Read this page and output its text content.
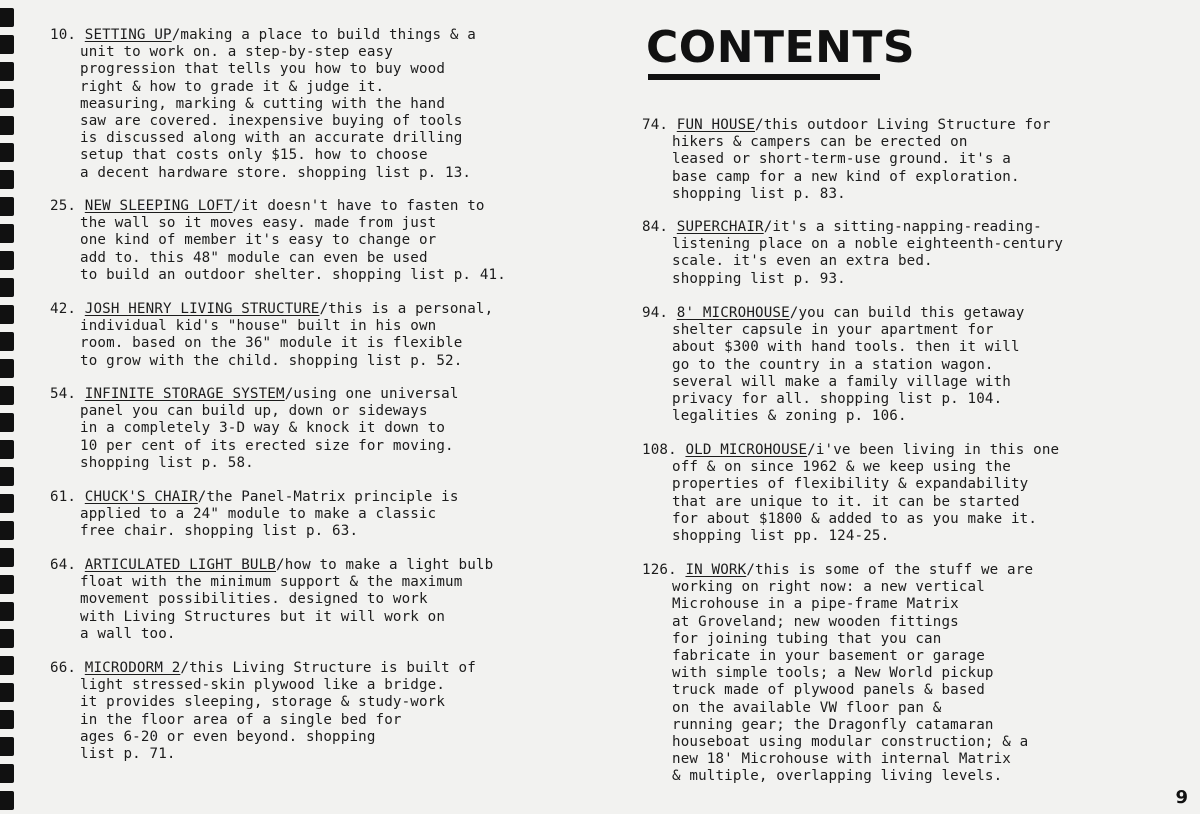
CONTENTS
10. SETTING UP/making a place to build things & a
unit to work on. a step-by-step easy
progression that tells you how to buy wood
right & how to grade it & judge it.
measuring, marking & cutting with the hand
saw are covered. inexpensive buying of tools
is discussed along with an accurate drilling
setup that costs only $15. how to choose
a decent hardware store. shopping list p. 13.
25. NEW SLEEPING LOFT/it doesn't have to fasten to
the wall so it moves easy. made from just
one kind of member it's easy to change or
add to. this 48" module can even be used
to build an outdoor shelter. shopping list p. 41.
42. JOSH HENRY LIVING STRUCTURE/this is a personal,
individual kid's "house" built in his own
room. based on the 36" module it is flexible
to grow with the child. shopping list p. 52.
54. INFINITE STORAGE SYSTEM/using one universal
panel you can build up, down or sideways
in a completely 3-D way & knock it down to
10 per cent of its erected size for moving.
shopping list p. 58.
61. CHUCK'S CHAIR/the Panel-Matrix principle is
applied to a 24" module to make a classic
free chair. shopping list p. 63.
64. ARTICULATED LIGHT BULB/how to make a light bulb
float with the minimum support & the maximum
movement possibilities. designed to work
with Living Structures but it will work on
a wall too.
66. MICRODORM 2/this Living Structure is built of
light stressed-skin plywood like a bridge.
it provides sleeping, storage & study-work
in the floor area of a single bed for
ages 6-20 or even beyond. shopping
list p. 71.
74. FUN HOUSE/this outdoor Living Structure for
hikers & campers can be erected on
leased or short-term-use ground. it's a
base camp for a new kind of exploration.
shopping list p. 83.
84. SUPERCHAIR/it's a sitting-napping-reading-
listening place on a noble eighteenth-century
scale. it's even an extra bed.
shopping list p. 93.
94. 8' MICROHOUSE/you can build this getaway
shelter capsule in your apartment for
about $300 with hand tools. then it will
go to the country in a station wagon.
several will make a family village with
privacy for all. shopping list p. 104.
legalities & zoning p. 106.
108. OLD MICROHOUSE/i've been living in this one
off & on since 1962 & we keep using the
properties of flexibility & expandability
that are unique to it. it can be started
for about $1800 & added to as you make it.
shopping list pp. 124-25.
126. IN WORK/this is some of the stuff we are
working on right now: a new vertical
Microhouse in a pipe-frame Matrix
at Groveland; new wooden fittings
for joining tubing that you can
fabricate in your basement or garage
with simple tools; a New World pickup
truck made of plywood panels & based
on the available VW floor pan &
running gear; the Dragonfly catamaran
houseboat using modular construction; & a
new 18' Microhouse with internal Matrix
& multiple, overlapping living levels.
9
